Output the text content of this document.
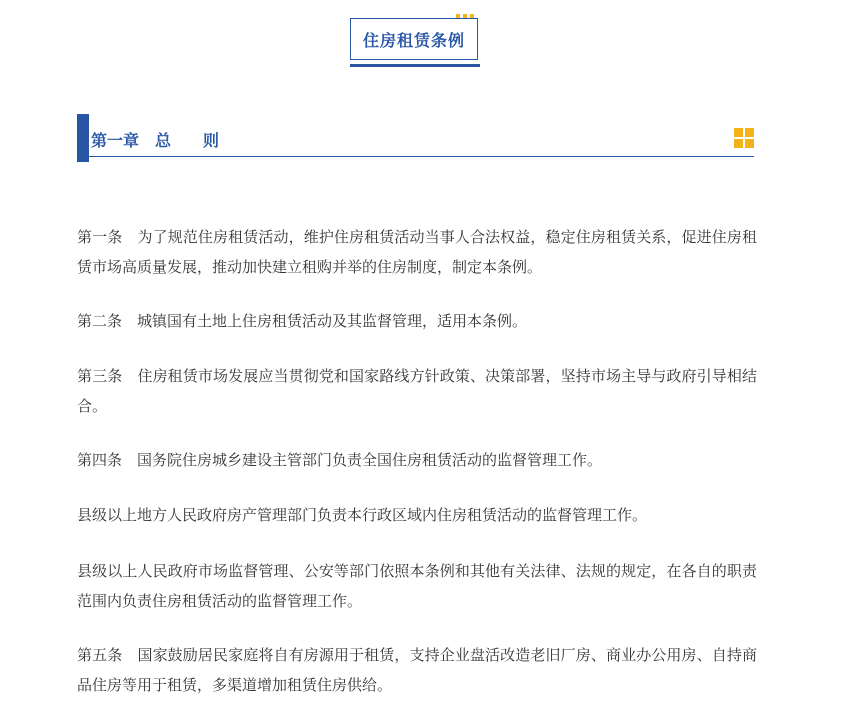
住房租赁条例
第一章　总　　则

第一条　为了规范住房租赁活动，维护住房租赁活动当事人合法权益，稳定住房租赁关系，促进住房租赁市场高质量发展，推动加快建立租购并举的住房制度，制定本条例。

第二条　城镇国有土地上住房租赁活动及其监督管理，适用本条例。

第三条　住房租赁市场发展应当贯彻党和国家路线方针政策、决策部署，坚持市场主导与政府引导相结合。

第四条　国务院住房城乡建设主管部门负责全国住房租赁活动的监督管理工作。

县级以上地方人民政府房产管理部门负责本行政区域内住房租赁活动的监督管理工作。

县级以上人民政府市场监督管理、公安等部门依照本条例和其他有关法律、法规的规定，在各自的职责范围内负责住房租赁活动的监督管理工作。

第五条　国家鼓励居民家庭将自有房源用于租赁，支持企业盘活改造老旧厂房、商业办公用房、自持商品住房等用于租赁，多渠道增加租赁住房供给。
